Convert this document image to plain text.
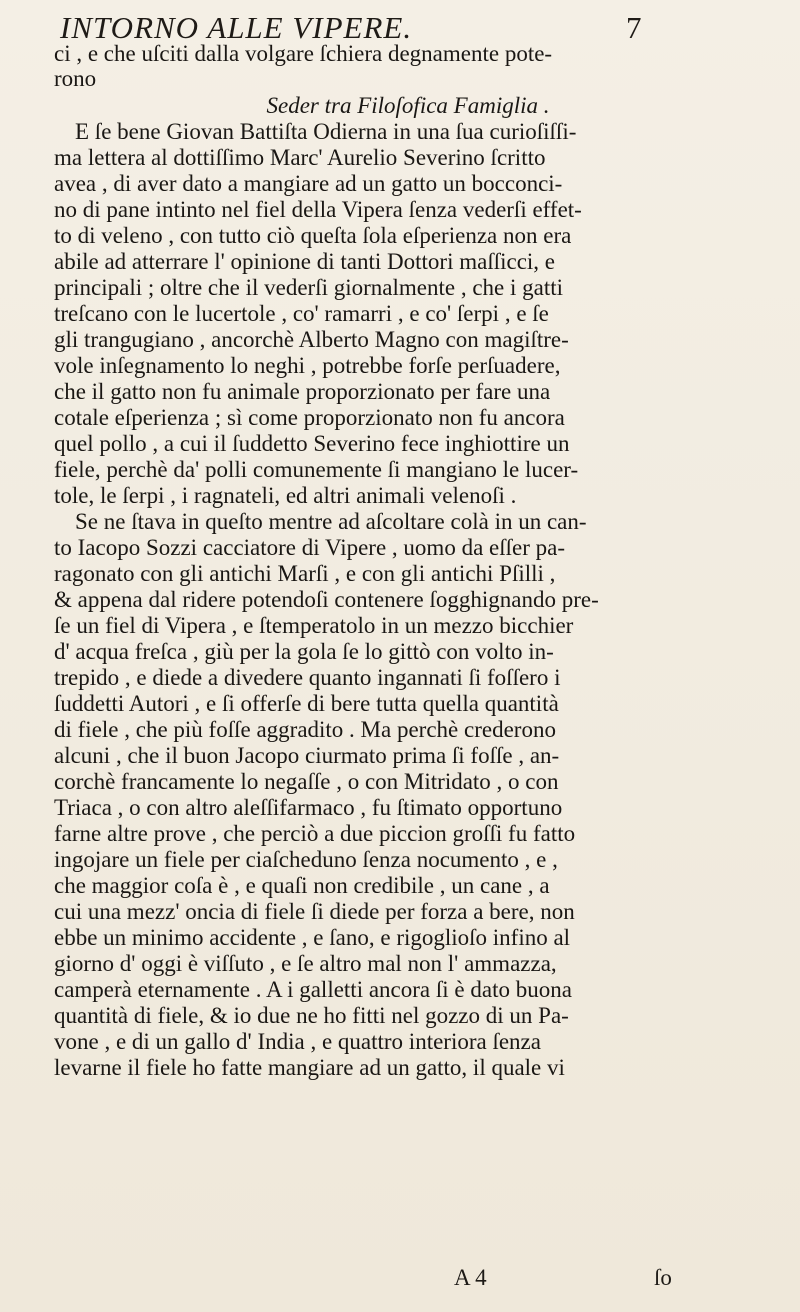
INTORNO ALLE VIPERE.	7
ci , e che uſciti dalla volgare ſchiera degnamente pote-
rono
Seder tra Filoſofica Famiglia .
E ſe bene Giovan Battiſta Odierna in una ſua curioſiſſi-
ma lettera al dottiſſimo Marc' Aurelio Severino ſcritto
avea , di aver dato a mangiare ad un gatto un bocconci-
no di pane intinto nel fiel della Vipera ſenza vederſi effet-
to di veleno , con tutto ciò queſta ſola eſperienza non era
abile ad atterrare l' opinione di tanti Dottori maſſicci, e
principali ; oltre che il vederſi giornalmente , che i gatti
treſcano con le lucertole , co' ramarri , e co' ſerpi , e ſe
gli trangugiano , ancorchè Alberto Magno con magiſtre-
vole inſegnamento lo neghi , potrebbe forſe perſuadere,
che il gatto non fu animale proporzionato per fare una
cotale eſperienza ; sì come proporzionato non fu ancora
quel pollo , a cui il ſuddetto Severino fece inghiottire un
fiele, perchè da' polli comunemente ſi mangiano le lucer-
tole, le ſerpi , i ragnateli, ed altri animali velenoſi .
Se ne ſtava in queſto mentre ad aſcoltare colà in un can-
to Iacopo Sozzi cacciatore di Vipere , uomo da eſſer pa-
ragonato con gli antichi Marſi , e con gli antichi Pſilli ,
& appena dal ridere potendoſi contenere ſogghignando pre-
ſe un fiel di Vipera , e ſtemperatolo in un mezzo bicchier
d' acqua freſca , giù per la gola ſe lo gittò con volto in-
trepido , e diede a divedere quanto ingannati ſi foſſero i
ſuddetti Autori , e ſi offerſe di bere tutta quella quantità
di fiele , che più foſſe aggradito . Ma perchè crederono
alcuni , che il buon Jacopo ciurmato prima ſi foſſe , an-
corchè francamente lo negaſſe , o con Mitridato , o con
Triaca , o con altro aleſſifarmaco , fu ſtimato opportuno
farne altre prove , che perciò a due piccion groſſi fu fatto
ingojare un fiele per ciaſcheduno ſenza nocumento , e ,
che maggior coſa è , e quaſi non credibile , un cane , a
cui una mezz' oncia di fiele ſi diede per forza a bere, non
ebbe un minimo accidente , e ſano, e rigoglioſo infino al
giorno d' oggi è viſſuto , e ſe altro mal non l' ammazza,
camperà eternamente . A i galletti ancora ſi è dato buona
quantità di fiele, & io due ne ho fitti nel gozzo di un Pa-
vone , e di un gallo d' India , e quattro interiora ſenza
levarne il fiele ho fatte mangiare ad un gatto, il quale vi
A 4	ſo
